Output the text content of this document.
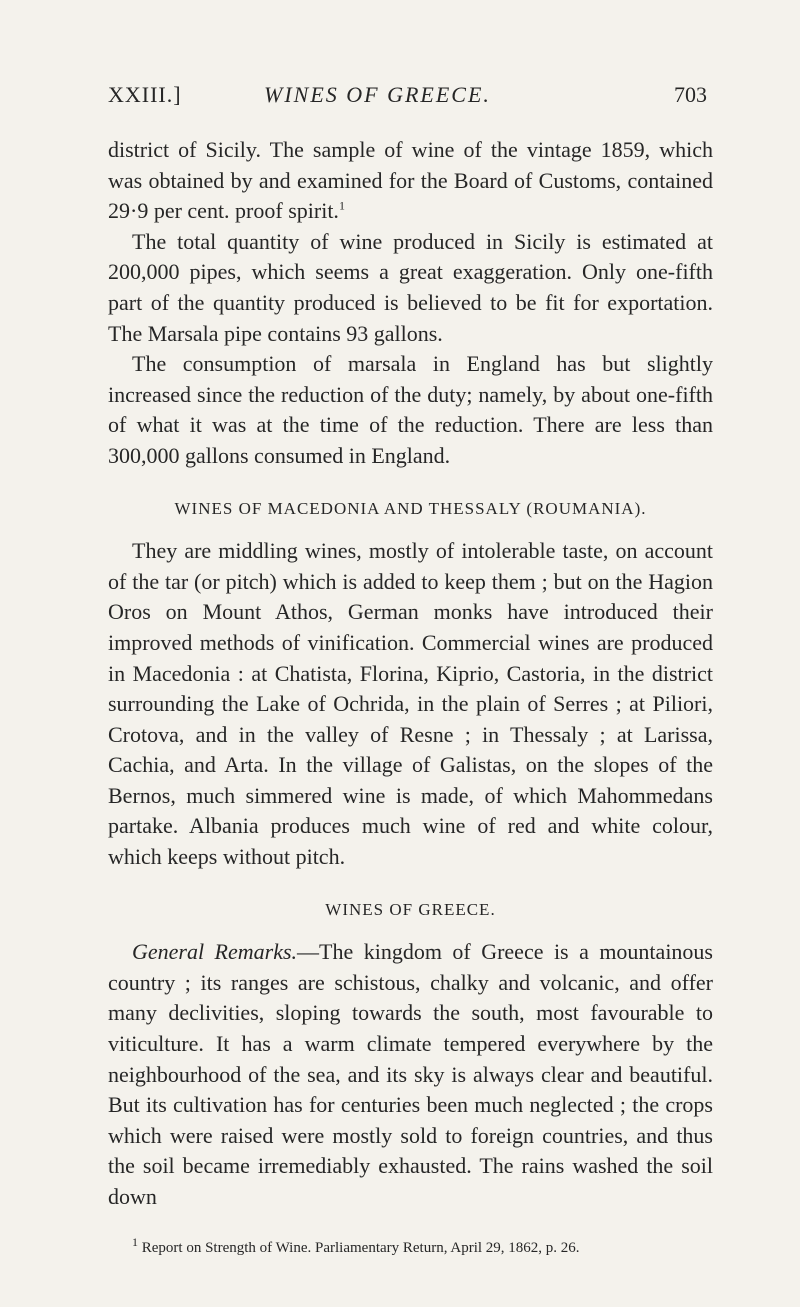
XXIII.]	WINES OF GREECE.	703

district of Sicily. The sample of wine of the vintage 1859, which was obtained by and examined for the Board of Customs, contained 29·9 per cent. proof spirit.$^1$

The total quantity of wine produced in Sicily is estimated at 200,000 pipes, which seems a great exaggeration. Only one-fifth part of the quantity produced is believed to be fit for exportation. The Marsala pipe contains 93 gallons.

The consumption of marsala in England has but slightly increased since the reduction of the duty; namely, by about one-fifth of what it was at the time of the reduction. There are less than 300,000 gallons consumed in England.

WINES OF MACEDONIA AND THESSALY (ROUMANIA).

They are middling wines, mostly of intolerable taste, on account of the tar (or pitch) which is added to keep them ; but on the Hagion Oros on Mount Athos, German monks have introduced their improved methods of vinification. Commercial wines are produced in Macedonia : at Chatista, Florina, Kiprio, Castoria, in the district surrounding the Lake of Ochrida, in the plain of Serres ; at Piliori, Crotova, and in the valley of Resne ; in Thessaly ; at Larissa, Cachia, and Arta. In the village of Galistas, on the slopes of the Bernos, much simmered wine is made, of which Mahommedans partake. Albania produces much wine of red and white colour, which keeps without pitch.

WINES OF GREECE.

General Remarks.—The kingdom of Greece is a mountainous country ; its ranges are schistous, chalky and volcanic, and offer many declivities, sloping towards the south, most favourable to viticulture. It has a warm climate tempered everywhere by the neighbourhood of the sea, and its sky is always clear and beautiful. But its cultivation has for centuries been much neglected ; the crops which were raised were mostly sold to foreign countries, and thus the soil became irremediably exhausted. The rains washed the soil down

$^1$ Report on Strength of Wine. Parliamentary Return, April 29, 1862, p. 26.
